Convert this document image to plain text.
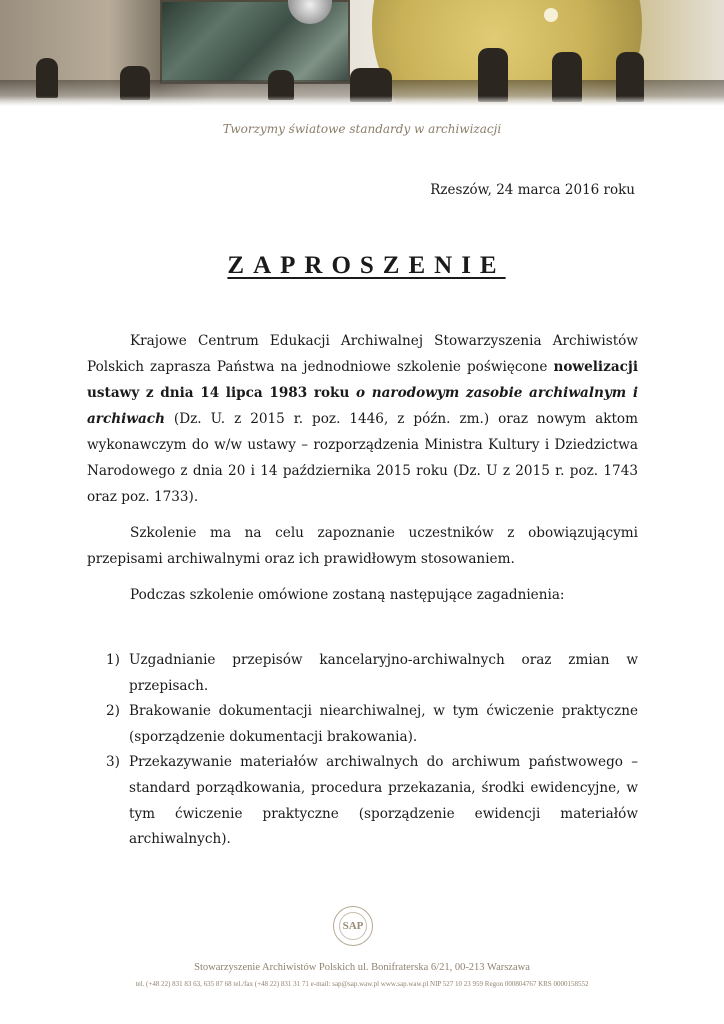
Tworzymy światowe standardy w archiwizacji
Rzeszów, 24 marca 2016 roku
ZAPROSZENIE

Krajowe Centrum Edukacji Archiwalnej Stowarzyszenia Archiwistów Polskich zaprasza Państwa na jednodniowe szkolenie poświęcone nowelizacji ustawy z dnia 14 lipca 1983 roku o narodowym zasobie archiwalnym i archiwach (Dz. U. z 2015 r. poz. 1446, z późn. zm.) oraz nowym aktom wykonawczym do w/w ustawy – rozporządzenia Ministra Kultury i Dziedzictwa Narodowego z dnia 20 i 14 października 2015 roku (Dz. U z 2015 r. poz. 1743 oraz poz. 1733).

Szkolenie ma na celu zapoznanie uczestników z obowiązującymi przepisami archiwalnymi oraz ich prawidłowym stosowaniem.

Podczas szkolenie omówione zostaną następujące zagadnienia:

1) Uzgadnianie przepisów kancelaryjno-archiwalnych oraz zmian w przepisach.
2) Brakowanie dokumentacji niearchiwalnej, w tym ćwiczenie praktyczne (sporządzenie dokumentacji brakowania).
3) Przekazywanie materiałów archiwalnych do archiwum państwowego – standard porządkowania, procedura przekazania, środki ewidencyjne, w tym ćwiczenie praktyczne (sporządzenie ewidencji materiałów archiwalnych).
SAP
Stowarzyszenie Archiwistów Polskich ul. Bonifraterska 6/21, 00-213 Warszawa
tel. (+48 22) 831 83 63, 635 87 68 tel./fax (+48 22) 831 31 71 e-mail: sap@sap.waw.pl www.sap.waw.pl NIP 527 10 23 959 Regon 000804767 KRS 0000158552
